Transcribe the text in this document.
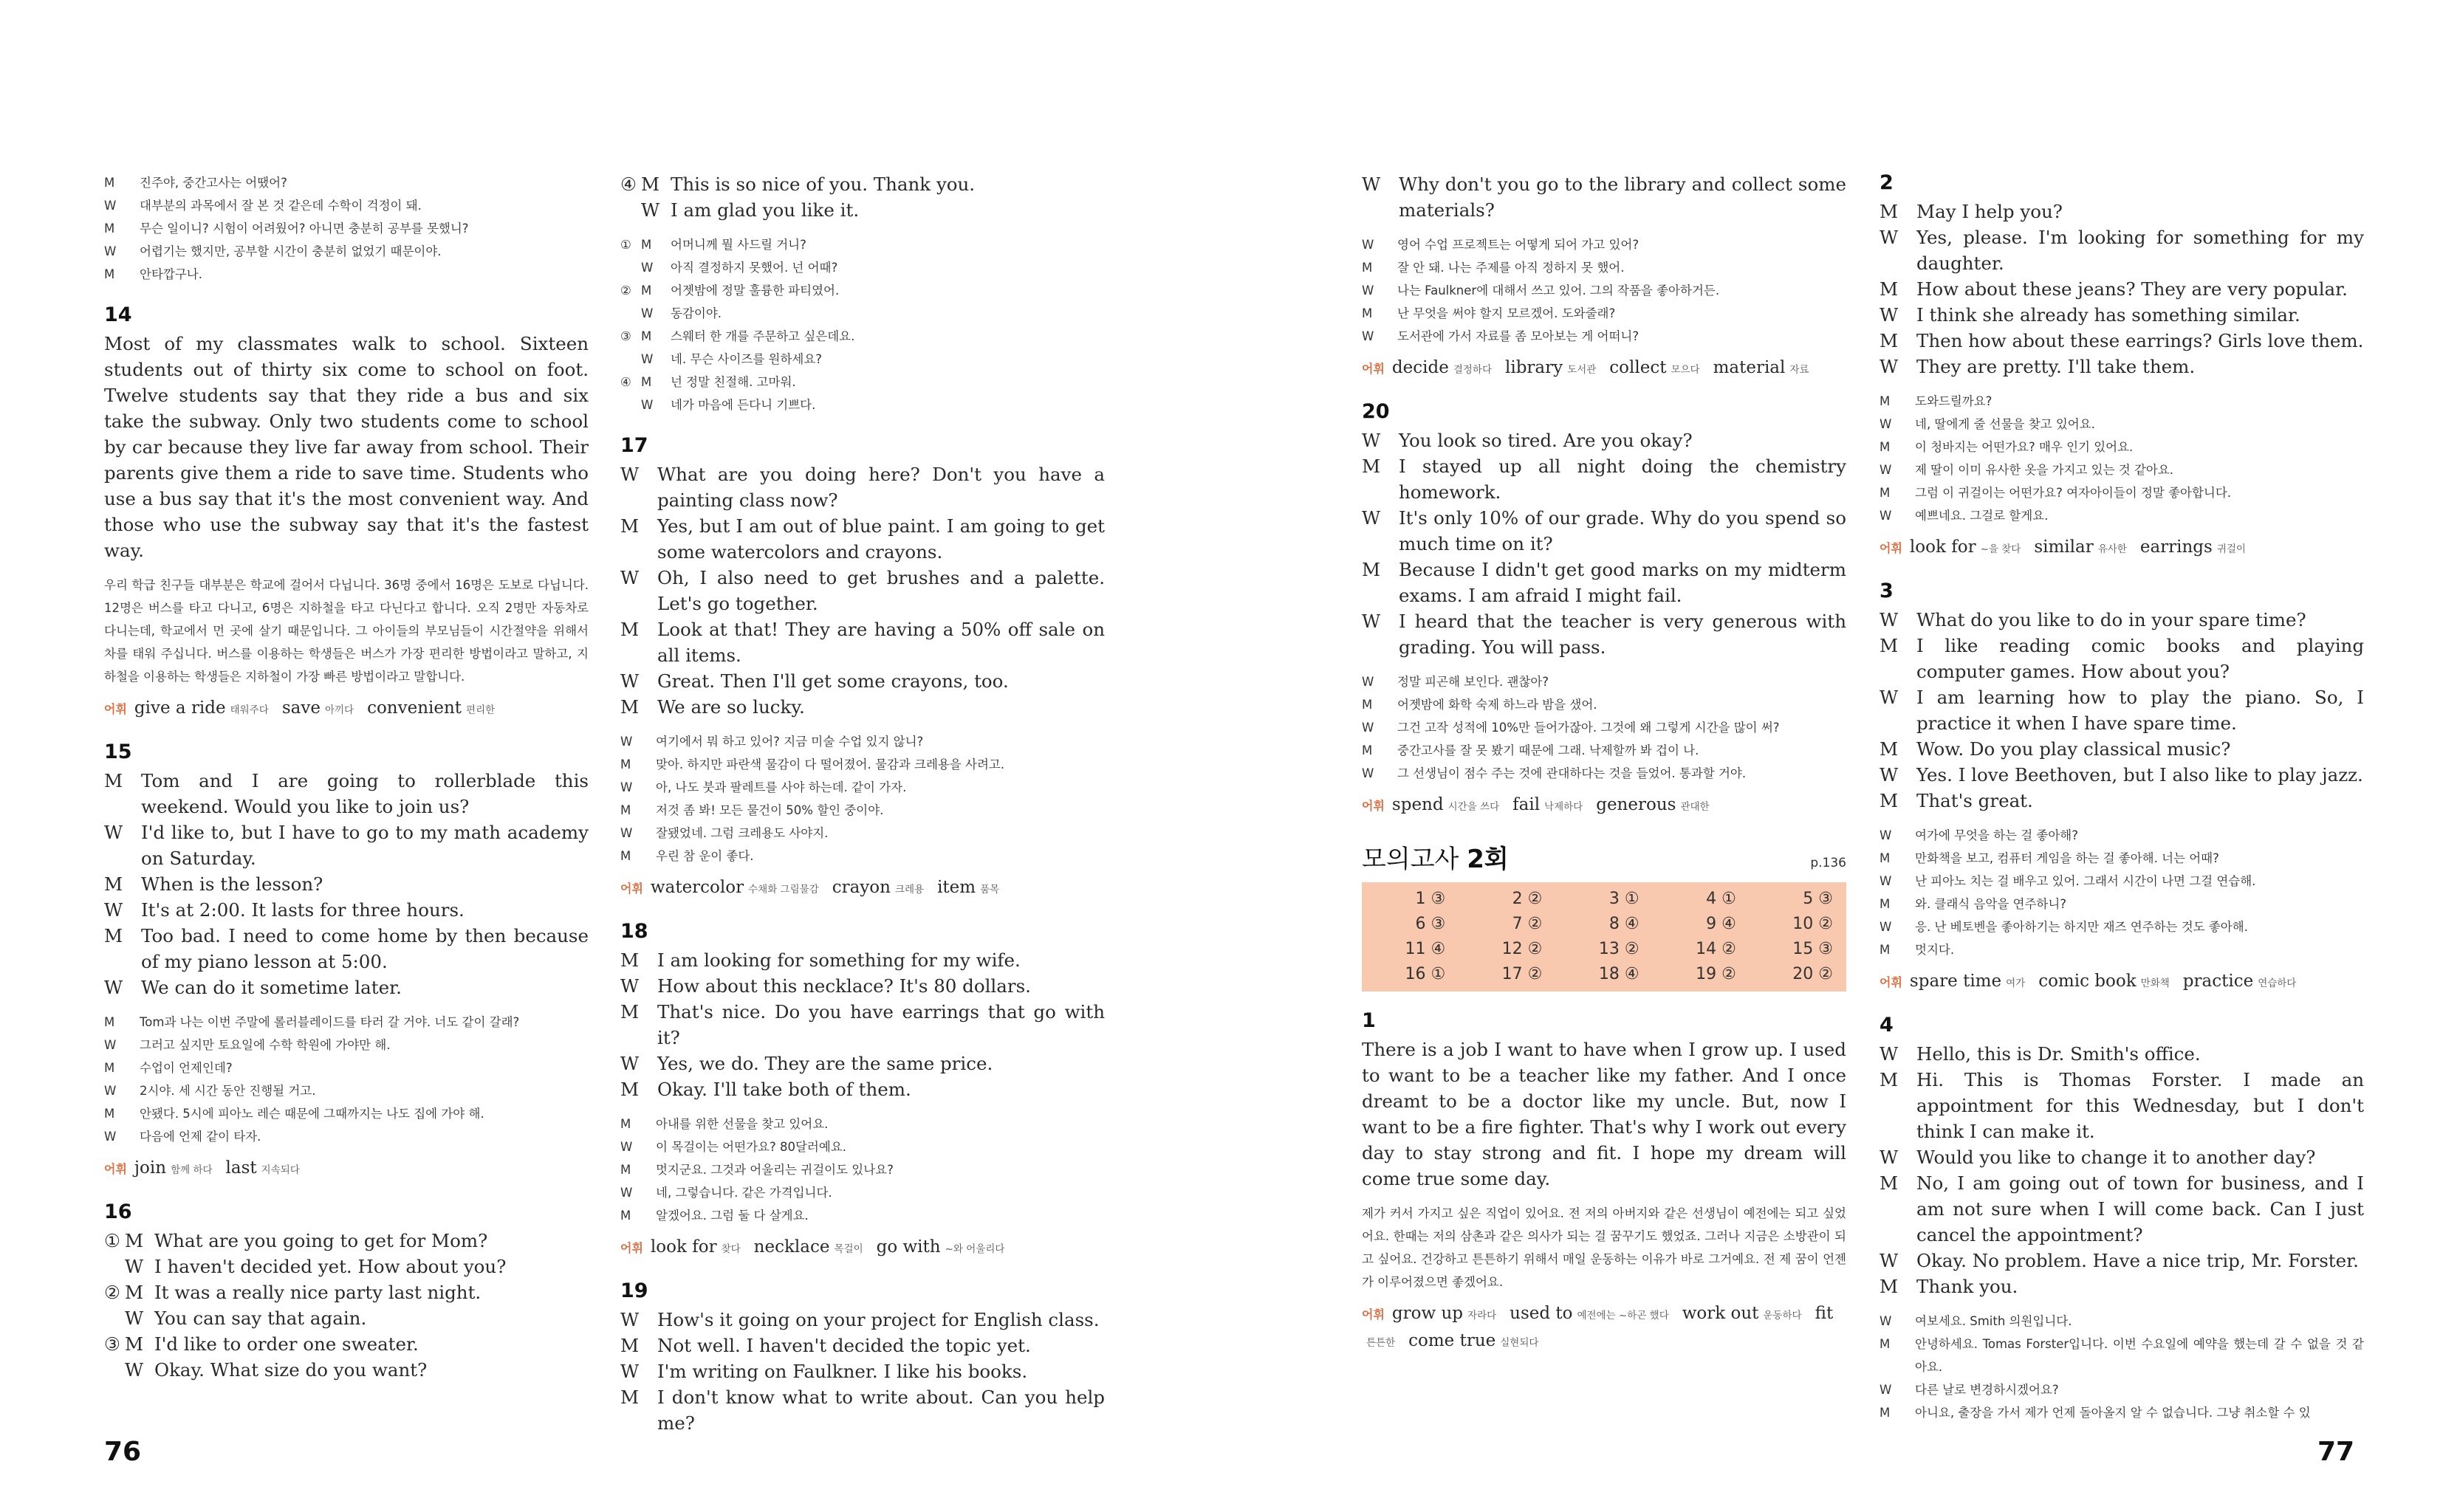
M	진주야, 중간고사는 어땠어?
W	대부분의 과목에서 잘 본 것 같은데 수학이 걱정이 돼.
M	무슨 일이니? 시험이 어려웠어? 아니면 충분히 공부를 못했니?
W	어렵기는 했지만, 공부할 시간이 충분히 없었기 때문이야.
M	안타깝구나.
14
Most of my classmates walk to school. Sixteen students out of thirty six come to school on foot. Twelve students say that they ride a bus and six take the subway. Only two students come to school by car because they live far away from school. Their parents give them a ride to save time. Students who use a bus say that it's the most convenient way. And those who use the subway say that it's the fastest way.
우리 학급 친구들 대부분은 학교에 걸어서 다닙니다. 36명 중에서 16명은 도보로 다닙니다. 12명은 버스를 타고 다니고, 6명은 지하철을 타고 다닌다고 합니다. 오직 2명만 자동차로 다니는데, 학교에서 먼 곳에 살기 때문입니다. 그 아이들의 부모님들이 시간절약을 위해서 차를 태워 주십니다. 버스를 이용하는 학생들은 버스가 가장 편리한 방법이라고 말하고, 지하철을 이용하는 학생들은 지하철이 가장 빠른 방법이라고 말합니다.
어휘 give a ride 태워주다 save 아끼다 convenient 편리한
15
M	Tom and I are going to rollerblade this weekend. Would you like to join us?
W	I'd like to, but I have to go to my math academy on Saturday.
M	When is the lesson?
W	It's at 2:00. It lasts for three hours.
M	Too bad. I need to come home by then because of my piano lesson at 5:00.
W	We can do it sometime later.
M	Tom과 나는 이번 주말에 롤러블레이드를 타러 갈 거야. 너도 같이 갈래?
W	그러고 싶지만 토요일에 수학 학원에 가야만 해.
M	수업이 언제인데?
W	2시야. 세 시간 동안 진행될 거고.
M	안됐다. 5시에 피아노 레슨 때문에 그때까지는 나도 집에 가야 해.
W	다음에 언제 같이 타자.
어휘 join 함께 하다 last 지속되다
16
① M What are you going to get for Mom?
W I haven't decided yet. How about you?
② M It was a really nice party last night.
W You can say that again.
③ M I'd like to order one sweater.
W Okay. What size do you want?
④ M This is so nice of you. Thank you.
W I am glad you like it.
① M	어머니께 뭘 사드릴 거니?
W	아직 결정하지 못했어. 넌 어때?
② M	어젯밤에 정말 훌륭한 파티였어.
W	동감이야.
③ M	스웨터 한 개를 주문하고 싶은데요.
W	네. 무슨 사이즈를 원하세요?
④ M	넌 정말 친절해. 고마워.
W	네가 마음에 든다니 기쁘다.
17
W	What are you doing here? Don't you have a painting class now?
M	Yes, but I am out of blue paint. I am going to get some watercolors and crayons.
W	Oh, I also need to get brushes and a palette. Let's go together.
M	Look at that! They are having a 50% off sale on all items.
W	Great. Then I'll get some crayons, too.
M	We are so lucky.
W	여기에서 뭐 하고 있어? 지금 미술 수업 있지 않니?
M	맞아. 하지만 파란색 물감이 다 떨어졌어. 물감과 크레용을 사려고.
W	아, 나도 붓과 팔레트를 사야 하는데. 같이 가자.
M	저것 좀 봐! 모든 물건이 50% 할인 중이야.
W	잘됐었네. 그럼 크레용도 사야지.
M	우린 참 운이 좋다.
어휘 watercolor 수채화 그림물감 crayon 크레용 item 품목
18
M	I am looking for something for my wife.
W	How about this necklace? It's 80 dollars.
M	That's nice. Do you have earrings that go with it?
W	Yes, we do. They are the same price.
M	Okay. I'll take both of them.
M	아내를 위한 선물을 찾고 있어요.
W	이 목걸이는 어떤가요? 80달러예요.
M	멋지군요. 그것과 어울리는 귀걸이도 있나요?
W	네, 그렇습니다. 같은 가격입니다.
M	알겠어요. 그럼 둘 다 살게요.
어휘 look for 찾다 necklace 목걸이 go with ~와 어울리다
19
W	How's it going on your project for English class.
M	Not well. I haven't decided the topic yet.
W	I'm writing on Faulkner. I like his books.
M	I don't know what to write about. Can you help me?
W	Why don't you go to the library and collect some materials?
W	영어 수업 프로젝트는 어떻게 되어 가고 있어?
M	잘 안 돼. 나는 주제를 아직 정하지 못 했어.
W	나는 Faulkner에 대해서 쓰고 있어. 그의 작품을 좋아하거든.
M	난 무엇을 써야 할지 모르겠어. 도와줄래?
W	도서관에 가서 자료를 좀 모아보는 게 어떠니?
어휘 decide 결정하다 library 도서관 collect 모으다 material 자료
20
W	You look so tired. Are you okay?
M	I stayed up all night doing the chemistry homework.
W	It's only 10% of our grade. Why do you spend so much time on it?
M	Because I didn't get good marks on my midterm exams. I am afraid I might fail.
W	I heard that the teacher is very generous with grading. You will pass.
W	정말 피곤해 보인다. 괜찮아?
M	어젯밤에 화학 숙제 하느라 밤을 샜어.
W	그건 고작 성적에 10%만 들어가잖아. 그것에 왜 그렇게 시간을 많이 써?
M	중간고사를 잘 못 봤기 때문에 그래. 낙제할까 봐 겁이 나.
W	그 선생님이 점수 주는 것에 관대하다는 것을 들었어. 통과할 거야.
어휘 spend 시간을 쓰다 fail 낙제하다 generous 관대한
모의고사 2회	p.136
1 ③	2 ②	3 ①	4 ①	5 ③
6 ③	7 ②	8 ④	9 ④	10 ②
11 ④	12 ②	13 ②	14 ②	15 ③
16 ①	17 ②	18 ④	19 ②	20 ②
1
There is a job I want to have when I grow up. I used to want to be a teacher like my father. And I once dreamt to be a doctor like my uncle. But, now I want to be a fire fighter. That's why I work out every day to stay strong and fit. I hope my dream will come true some day.
제가 커서 가지고 싶은 직업이 있어요. 전 저의 아버지와 같은 선생님이 예전에는 되고 싶었어요. 한때는 저의 삼촌과 같은 의사가 되는 걸 꿈꾸기도 했었죠. 그러나 지금은 소방관이 되고 싶어요. 건강하고 튼튼하기 위해서 매일 운동하는 이유가 바로 그거예요. 전 제 꿈이 언젠가 이루어졌으면 좋겠어요.
어휘 grow up 자라다 used to 예전에는 ~하곤 했다 work out 운동하다 fit튼튼한 come true 실현되다
2
M	May I help you?
W	Yes, please. I'm looking for something for my daughter.
M	How about these jeans? They are very popular.
W	I think she already has something similar.
M	Then how about these earrings? Girls love them.
W	They are pretty. I'll take them.
M	도와드릴까요?
W	네, 딸에게 줄 선물을 찾고 있어요.
M	이 청바지는 어떤가요? 매우 인기 있어요.
W	제 딸이 이미 유사한 옷을 가지고 있는 것 같아요.
M	그럼 이 귀걸이는 어떤가요? 여자아이들이 정말 좋아합니다.
W	예쁘네요. 그걸로 할게요.
어휘 look for ~을 찾다 similar 유사한 earrings 귀걸이
3
W	What do you like to do in your spare time?
M	I like reading comic books and playing computer games. How about you?
W	I am learning how to play the piano. So, I practice it when I have spare time.
M	Wow. Do you play classical music?
W	Yes. I love Beethoven, but I also like to play jazz.
M	That's great.
W	여가에 무엇을 하는 걸 좋아해?
M	만화책을 보고, 컴퓨터 게임을 하는 걸 좋아해. 너는 어때?
W	난 피아노 치는 걸 배우고 있어. 그래서 시간이 나면 그걸 연습해.
M	와. 클래식 음악을 연주하니?
W	응. 난 베토벤을 좋아하기는 하지만 재즈 연주하는 것도 좋아해.
M	멋지다.
어휘 spare time 여가 comic book 만화책 practice 연습하다
4
W	Hello, this is Dr. Smith's office.
M	Hi. This is Thomas Forster. I made an appointment for this Wednesday, but I don't think I can make it.
W	Would you like to change it to another day?
M	No, I am going out of town for business, and I am not sure when I will come back. Can I just cancel the appointment?
W	Okay. No problem. Have a nice trip, Mr. Forster.
M	Thank you.
W	여보세요. Smith 의원입니다.
M	안녕하세요. Tomas Forster입니다. 이번 수요일에 예약을 했는데 갈 수 없을 것 같아요.
W	다른 날로 변경하시겠어요?
M	아니요, 출장을 가서 제가 언제 돌아올지 알 수 없습니다. 그냥 취소할 수 있
76	77
